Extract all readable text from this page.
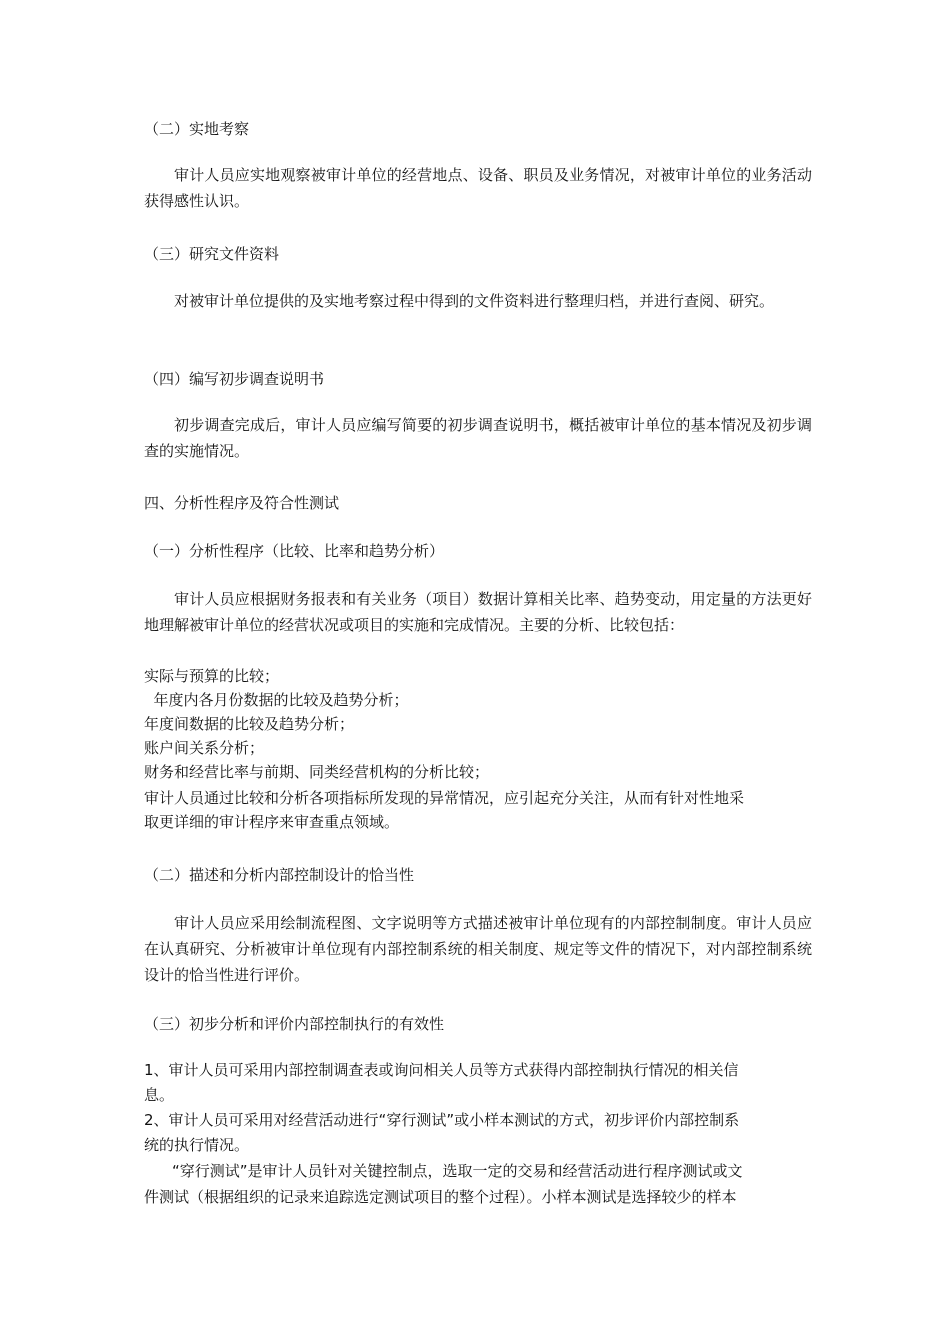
（二）实地考察

审计人员应实地观察被审计单位的经营地点、设备、职员及业务情况，对被审计单位的业务活动获得感性认识。

（三）研究文件资料

对被审计单位提供的及实地考察过程中得到的文件资料进行整理归档，并进行查阅、研究。

（四）编写初步调查说明书

初步调查完成后，审计人员应编写简要的初步调查说明书，概括被审计单位的基本情况及初步调查的实施情况。

四、分析性程序及符合性测试

（一）分析性程序（比较、比率和趋势分析）

审计人员应根据财务报表和有关业务（项目）数据计算相关比率、趋势变动，用定量的方法更好地理解被审计单位的经营状况或项目的实施和完成情况。主要的分析、比较包括：

实际与预算的比较；

年度内各月份数据的比较及趋势分析；

年度间数据的比较及趋势分析；

账户间关系分析；

财务和经营比率与前期、同类经营机构的分析比较；

审计人员通过比较和分析各项指标所发现的异常情况，应引起充分关注，从而有针对性地采

取更详细的审计程序来审查重点领域。

（二）描述和分析内部控制设计的恰当性

审计人员应采用绘制流程图、文字说明等方式描述被审计单位现有的内部控制制度。审计人员应在认真研究、分析被审计单位现有内部控制系统的相关制度、规定等文件的情况下，对内部控制系统设计的恰当性进行评价。

（三）初步分析和评价内部控制执行的有效性

1、审计人员可采用内部控制调查表或询问相关人员等方式获得内部控制执行情况的相关信

息。

2、审计人员可采用对经营活动进行“穿行测试”或小样本测试的方式，初步评价内部控制系

统的执行情况。

“穿行测试”是审计人员针对关键控制点，选取一定的交易和经营活动进行程序测试或文

件测试（根据组织的记录来追踪选定测试项目的整个过程）。小样本测试是选择较少的样本
